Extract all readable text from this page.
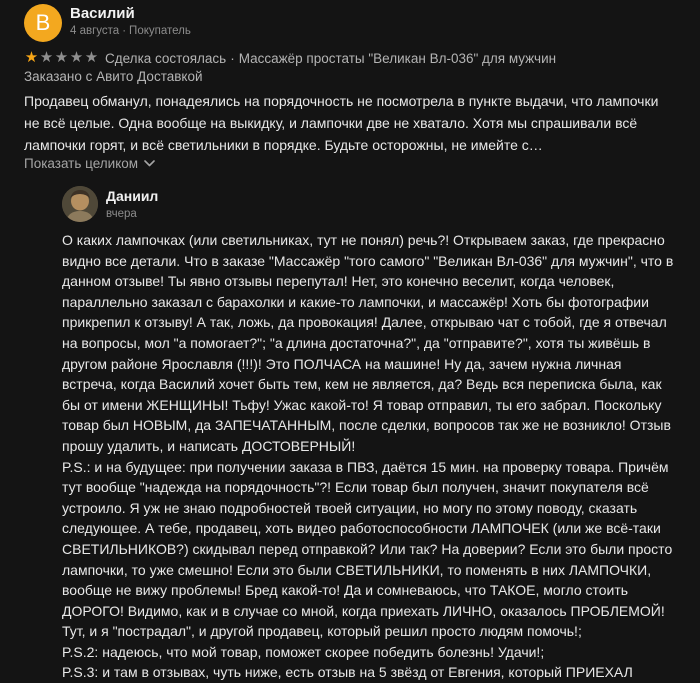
В	Василий
4 августа · Покупатель
★ ★ ★ ★ ★ Сделка состоялась · Массажёр простаты "Великан Вл-036" для мужчин
Заказано с Авито Доставкой
Продавец обманул, понадеялись на порядочность не посмотрела в пункте выдачи, что лампочки не всё целые. Одна вообще на выкидку, и лампочки две не хватало. Хотя мы спрашивали всё лампочки горят, и всё светильники в порядке. Будьте осторожны, не имейте с…
Показать целиком
Даниил
вчера

О каких лампочках (или светильниках, тут не понял) речь?! Открываем заказ, где прекрасно видно все детали. Что в заказе "Массажёр "того самого" "Великан Вл-036" для мужчин", что в данном отзыве! Ты явно отзывы перепутал! Нет, это конечно веселит, когда человек, параллельно заказал с барахолки и какие-то лампочки, и массажёр! Хоть бы фотографии прикрепил к отзыву! А так, ложь, да провокация! Далее, открываю чат с тобой, где я отвечал на вопросы, мол "а помогает?"; "а длина достаточна?", да "отправите?", хотя ты живёшь в другом районе Ярославля (!!!)! Это ПОЛЧАСА на машине! Ну да, зачем нужна личная встреча, когда Василий хочет быть тем, кем не является, да? Ведь вся переписка была, как бы от имени ЖЕНЩИНЫ! Тьфу! Ужас какой-то! Я товар отправил, ты его забрал. Поскольку товар был НОВЫМ, да ЗАПЕЧАТАННЫМ, после сделки, вопросов так же не возникло! Отзыв прошу удалить, и написать ДОСТОВЕРНЫЙ!

P.S.: и на будущее: при получении заказа в ПВЗ, даётся 15 мин. на проверку товара. Причём тут вообще "надежда на порядочность"?! Если товар был получен, значит покупателя всё устроило. Я уж не знаю подробностей твоей ситуации, но могу по этому поводу, сказать следующее. А тебе, продавец, хоть видео работоспособности ЛАМПОЧЕК (или же всё-таки СВЕТИЛЬНИКОВ?) скидывал перед отправкой? Или так? На доверии? Если это были просто лампочки, то уже смешно! Если это были СВЕТИЛЬНИКИ, то поменять в них ЛАМПОЧКИ, вообще не вижу проблемы! Бред какой-то! Да и сомневаюсь, что ТАКОЕ, могло стоить ДОРОГО! Видимо, как и в случае со мной, когда приехать ЛИЧНО, оказалось ПРОБЛЕМОЙ! Тут, и я "пострадал", и другой продавец, который решил просто людям помочь!;

P.S.2: надеюсь, что мой товар, поможет скорее победить болезнь! Удачи!;

P.S.3: и там в отзывах, чуть ниже, есть отзыв на 5 звёзд от Евгения, который ПРИЕХАЛ
